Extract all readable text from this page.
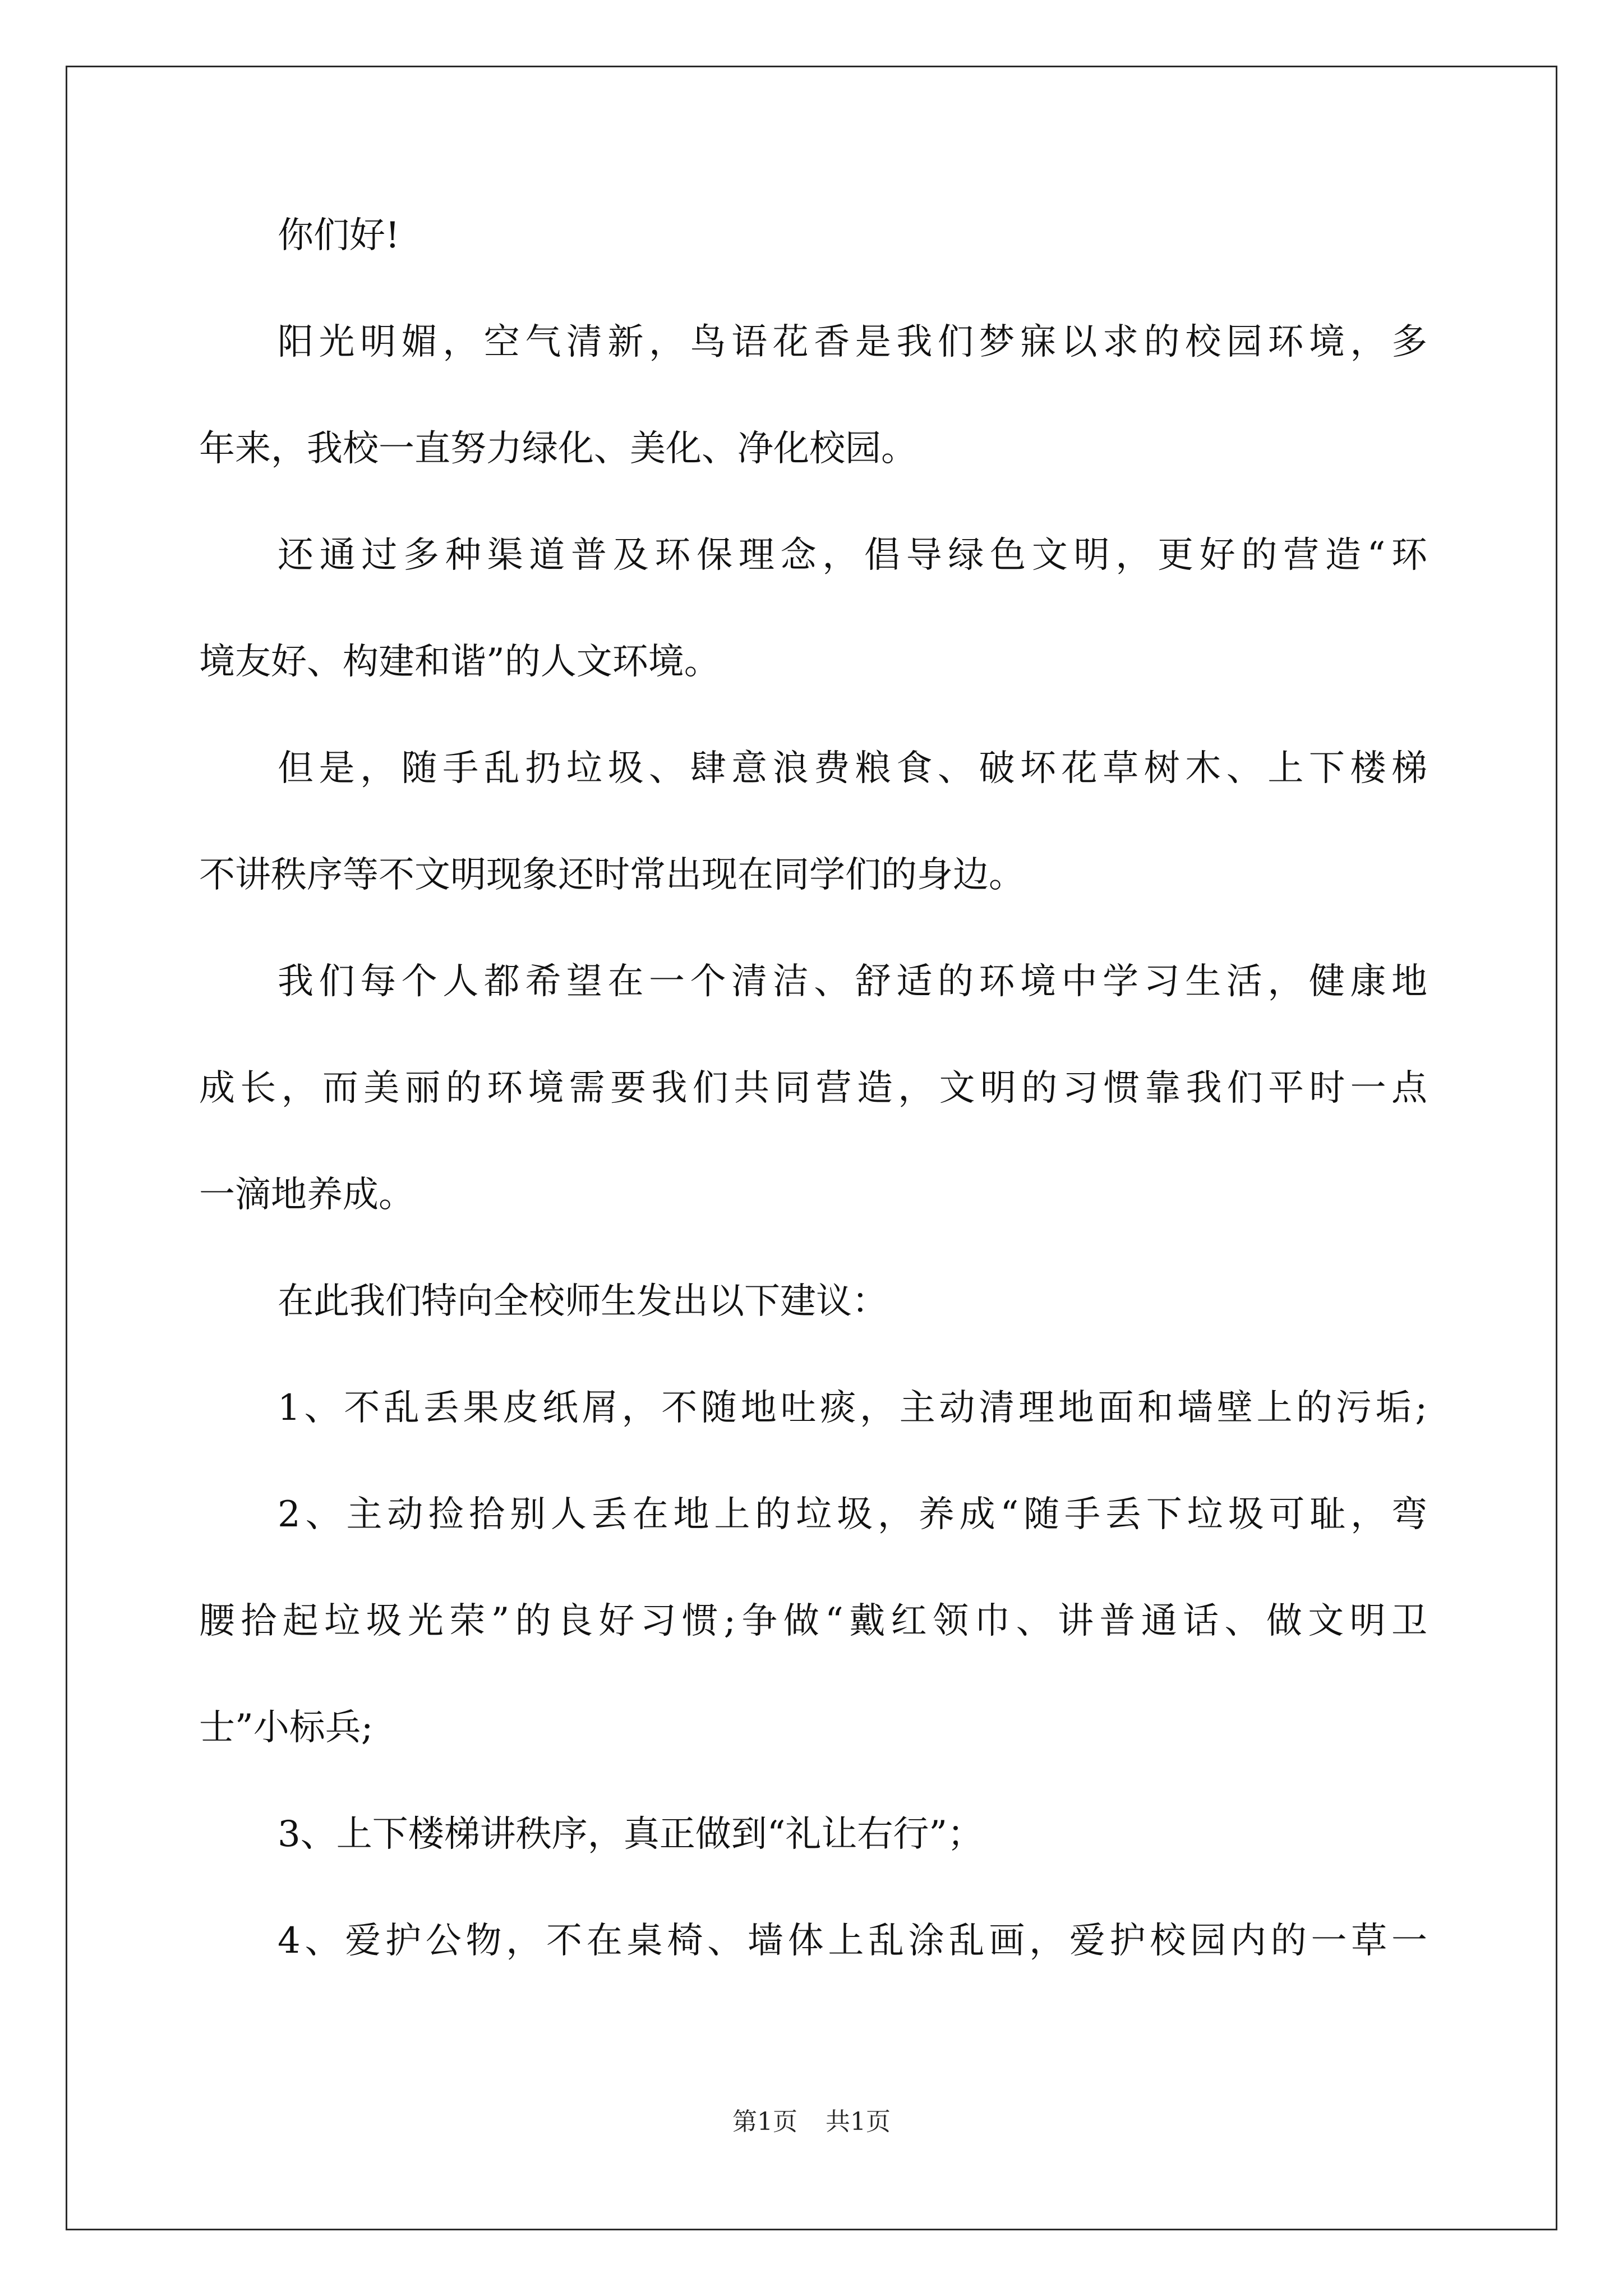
你们好!
阳光明媚，空气清新，鸟语花香是我们梦寐以求的校园环境，多
年来，我校一直努力绿化、美化、净化校园。
还通过多种渠道普及环保理念，倡导绿色文明，更好的营造“环
境友好、构建和谐”的人文环境。
但是，随手乱扔垃圾、肆意浪费粮食、破坏花草树木、上下楼梯
不讲秩序等不文明现象还时常出现在同学们的身边。
我们每个人都希望在一个清洁、舒适的环境中学习生活，健康地
成长，而美丽的环境需要我们共同营造，文明的习惯靠我们平时一点
一滴地养成。
在此我们特向全校师生发出以下建议：
1、不乱丢果皮纸屑，不随地吐痰，主动清理地面和墙壁上的污垢;
2、主动捡拾别人丢在地上的垃圾，养成“随手丢下垃圾可耻，弯
腰拾起垃圾光荣”的良好习惯;争做“戴红领巾、讲普通话、做文明卫
士”小标兵;
3、上下楼梯讲秩序，真正做到“礼让右行”；
4、爱护公物，不在桌椅、墙体上乱涂乱画，爱护校园内的一草一
第1页 共1页
